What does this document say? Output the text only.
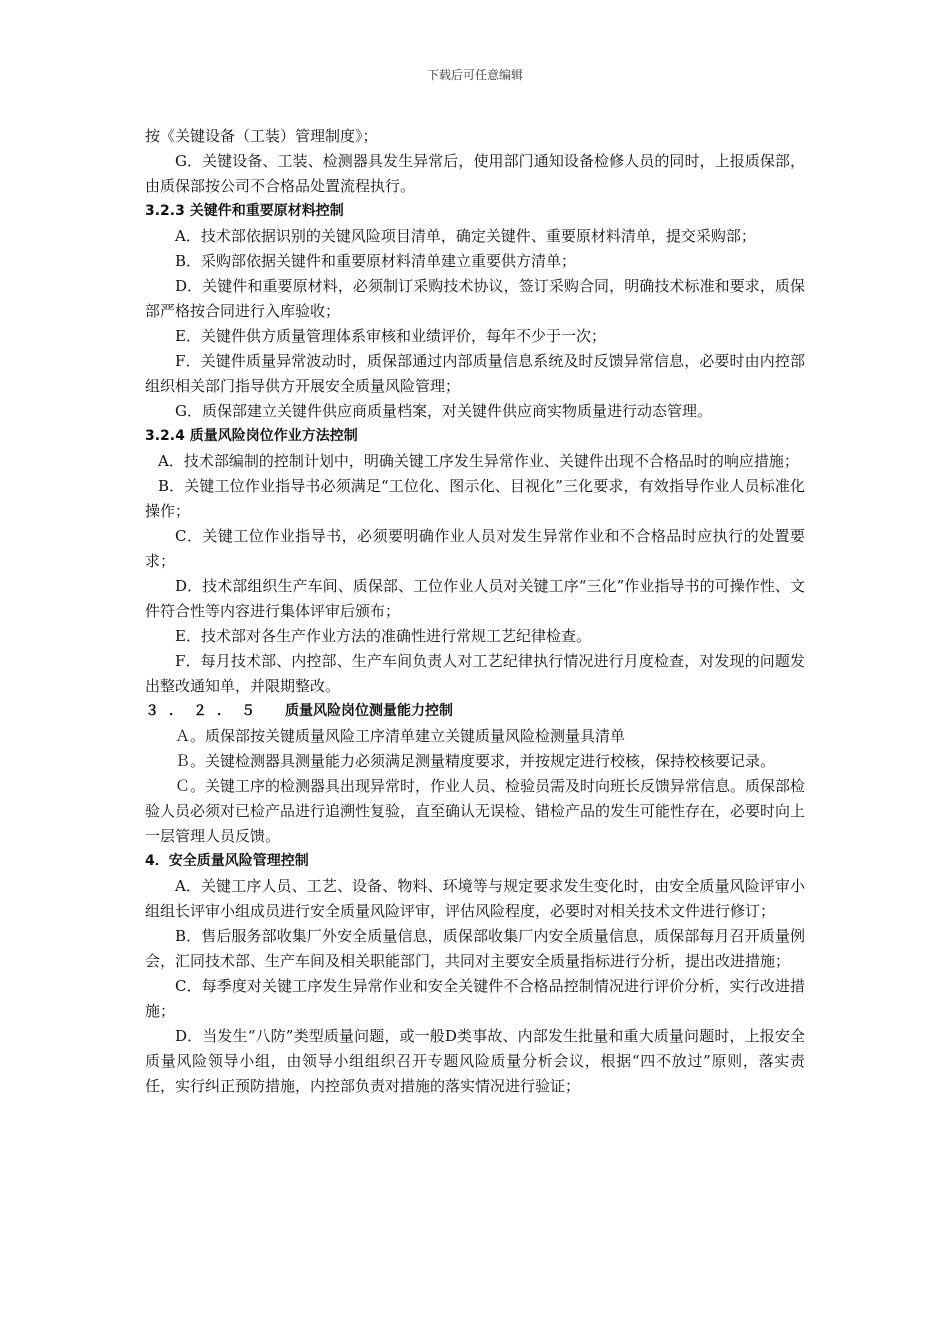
下载后可任意编辑

按《关键设备（工装）管理制度》；

G．关键设备、工装、检测器具发生异常后，使用部门通知设备检修人员的同时，上报质保部，由质保部按公司不合格品处置流程执行。

3.2.3 关键件和重要原材料控制

A．技术部依据识别的关键风险项目清单，确定关键件、重要原材料清单，提交采购部；

B．采购部依据关键件和重要原材料清单建立重要供方清单；

D．关键件和重要原材料，必须制订采购技术协议，签订采购合同，明确技术标准和要求，质保部严格按合同进行入库验收；

E．关键件供方质量管理体系审核和业绩评价，每年不少于一次；

F．关键件质量异常波动时，质保部通过内部质量信息系统及时反馈异常信息，必要时由内控部组织相关部门指导供方开展安全质量风险管理；

G．质保部建立关键件供应商质量档案，对关键件供应商实物质量进行动态管理。

3.2.4 质量风险岗位作业方法控制

A．技术部编制的控制计划中，明确关键工序发生异常作业、关键件出现不合格品时的响应措施；

B．关键工位作业指导书必须满足“工位化、图示化、目视化”三化要求，有效指导作业人员标准化操作；

C．关键工位作业指导书，必须要明确作业人员对发生异常作业和不合格品时应执行的处置要求；

D．技术部组织生产车间、质保部、工位作业人员对关键工序“三化”作业指导书的可操作性、文件符合性等内容进行集体评审后颁布；

E．技术部对各生产作业方法的准确性进行常规工艺纪律检查。

F．每月技术部、内控部、生产车间负责人对工艺纪律执行情况进行月度检查，对发现的问题发出整改通知单，并限期整改。

３．２．５ 质量风险岗位测量能力控制

Ａ。质保部按关键质量风险工序清单建立关键质量风险检测量具清单

Ｂ。关键检测器具测量能力必须满足测量精度要求，并按规定进行校核，保持校核要记录。

Ｃ。关键工序的检测器具出现异常时，作业人员、检验员需及时向班长反馈异常信息。质保部检验人员必须对已检产品进行追溯性复验，直至确认无误检、错检产品的发生可能性存在，必要时向上一层管理人员反馈。

4．安全质量风险管理控制

A．关键工序人员、工艺、设备、物料、环境等与规定要求发生变化时，由安全质量风险评审小组组长评审小组成员进行安全质量风险评审，评估风险程度，必要时对相关技术文件进行修订；

B．售后服务部收集厂外安全质量信息，质保部收集厂内安全质量信息，质保部每月召开质量例会，汇同技术部、生产车间及相关职能部门，共同对主要安全质量指标进行分析，提出改进措施；

C．每季度对关键工序发生异常作业和安全关键件不合格品控制情况进行评价分析，实行改进措施；

D．当发生“八防”类型质量问题，或一般D类事故、内部发生批量和重大质量问题时，上报安全质量风险领导小组，由领导小组组织召开专题风险质量分析会议，根据“四不放过”原则，落实责任，实行纠正预防措施，内控部负责对措施的落实情况进行验证；
